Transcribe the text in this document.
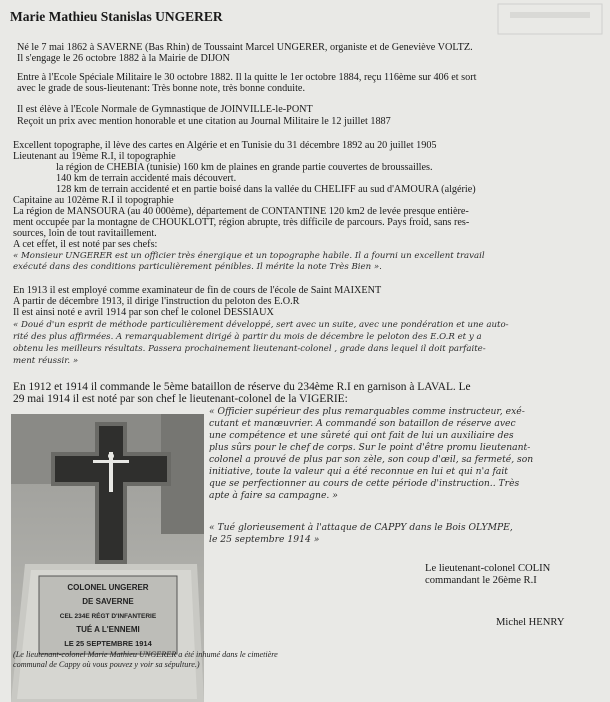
Marie Mathieu Stanislas UNGERER
Né le 7 mai 1862 à SAVERNE (Bas Rhin) de Toussaint Marcel UNGERER, organiste et de Geneviève VOLTZ.
Il s'engage le 26 octobre 1882 à la Mairie de DIJON
Entre à l'Ecole Spéciale Militaire le 30 octobre 1882. Il la quitte le 1er octobre 1884, reçu 116ème sur 406 et sort
avec le grade de sous-lieutenant: Très bonne note, très bonne conduite.
Il est élève à l'Ecole Normale de Gymnastique de JOINVILLE-le-PONT
Reçoit un prix avec mention honorable et une citation au Journal Militaire le 12 juillet 1887
Excellent topographe, il lève des cartes en Algérie et en Tunisie du 31 décembre 1892 au 20 juillet 1905
Lieutenant au 19ème R.I, il topographie
la région de CHEBIA (tunisie) 160 km de plaines en grande partie couvertes de broussailles.
140 km de terrain accidenté mais découvert.
128 km de terrain accidenté et en partie boisé dans la vallée du CHELIFF au sud d'AMOURA (algérie)
Capitaine au 102ème R.I il topographie
La région de MANSOURA (au 40 000ème), département de CONTANTINE 120 km2 de levée presque entière-
ment occupée par la montagne de CHOUKLOTT, région abrupte, très difficile de parcours. Pays froid, sans res-
sources, loin de tout ravitaillement.
A cet effet, il est noté par ses chefs:
« Monsieur UNGERER est un officier très énergique et un topographe habile. Il a fourni un excellent travail
exécuté dans des conditions particulièrement pénibles. Il mérite la note Très Bien ».
En 1913 il est employé comme examinateur de fin de cours de l'école de Saint MAIXENT
A partir de décembre 1913, il dirige l'instruction du peloton des E.O.R
Il est ainsi noté e avril 1914 par son chef le colonel DESSIAUX
« Doué d'un esprit de méthode particulièrement développé, sert avec un suite, avec une pondération et une auto-
rité des plus affirmées. A remarquablement dirigé à partir du mois de décembre le peloton des E.O.R et y a
obtenu les meilleurs résultats. Passera prochainement lieutenant-colonel , grade dans lequel il doit parfaite-
ment réussir. »
En 1912 et 1914 il commande le 5ème bataillon de réserve du 234ème R.I en garnison à LAVAL. Le
29 mai 1914 il est noté par son chef le lieutenant-colonel de la VIGERIE:
COLONEL UNGERER
DE SAVERNE
CEL 234E RÉGT D'INFANTERIE
TUÉ A L'ENNEMI
LE 25 SEPTEMBRE 1914
« Officier supérieur des plus remarquables comme instructeur, exé-
cutant et manœuvrier. A commandé son bataillon de réserve avec
une compétence et une sûreté qui ont fait de lui un auxiliaire des
plus sûrs pour le chef de corps. Sur le point d'être promu lieutenant-
colonel a prouvé de plus par son zèle, son coup d'œil, sa fermeté, son
initiative, toute la valeur qui a été reconnue en lui et qui n'a fait
que se perfectionner au cours de cette période d'instruction.. Très
apte à faire sa campagne. »
« Tué glorieusement à l'attaque de CAPPY dans le Bois OLYMPE,
le 25 septembre 1914 »
Le lieutenant-colonel COLIN
commandant le 26ème R.I
Michel HENRY
(Le lieutenant-colonel Marie Mathieu UNGERER a été inhumé dans le cimetière
communal de Cappy où vous pouvez y voir sa sépulture.)
